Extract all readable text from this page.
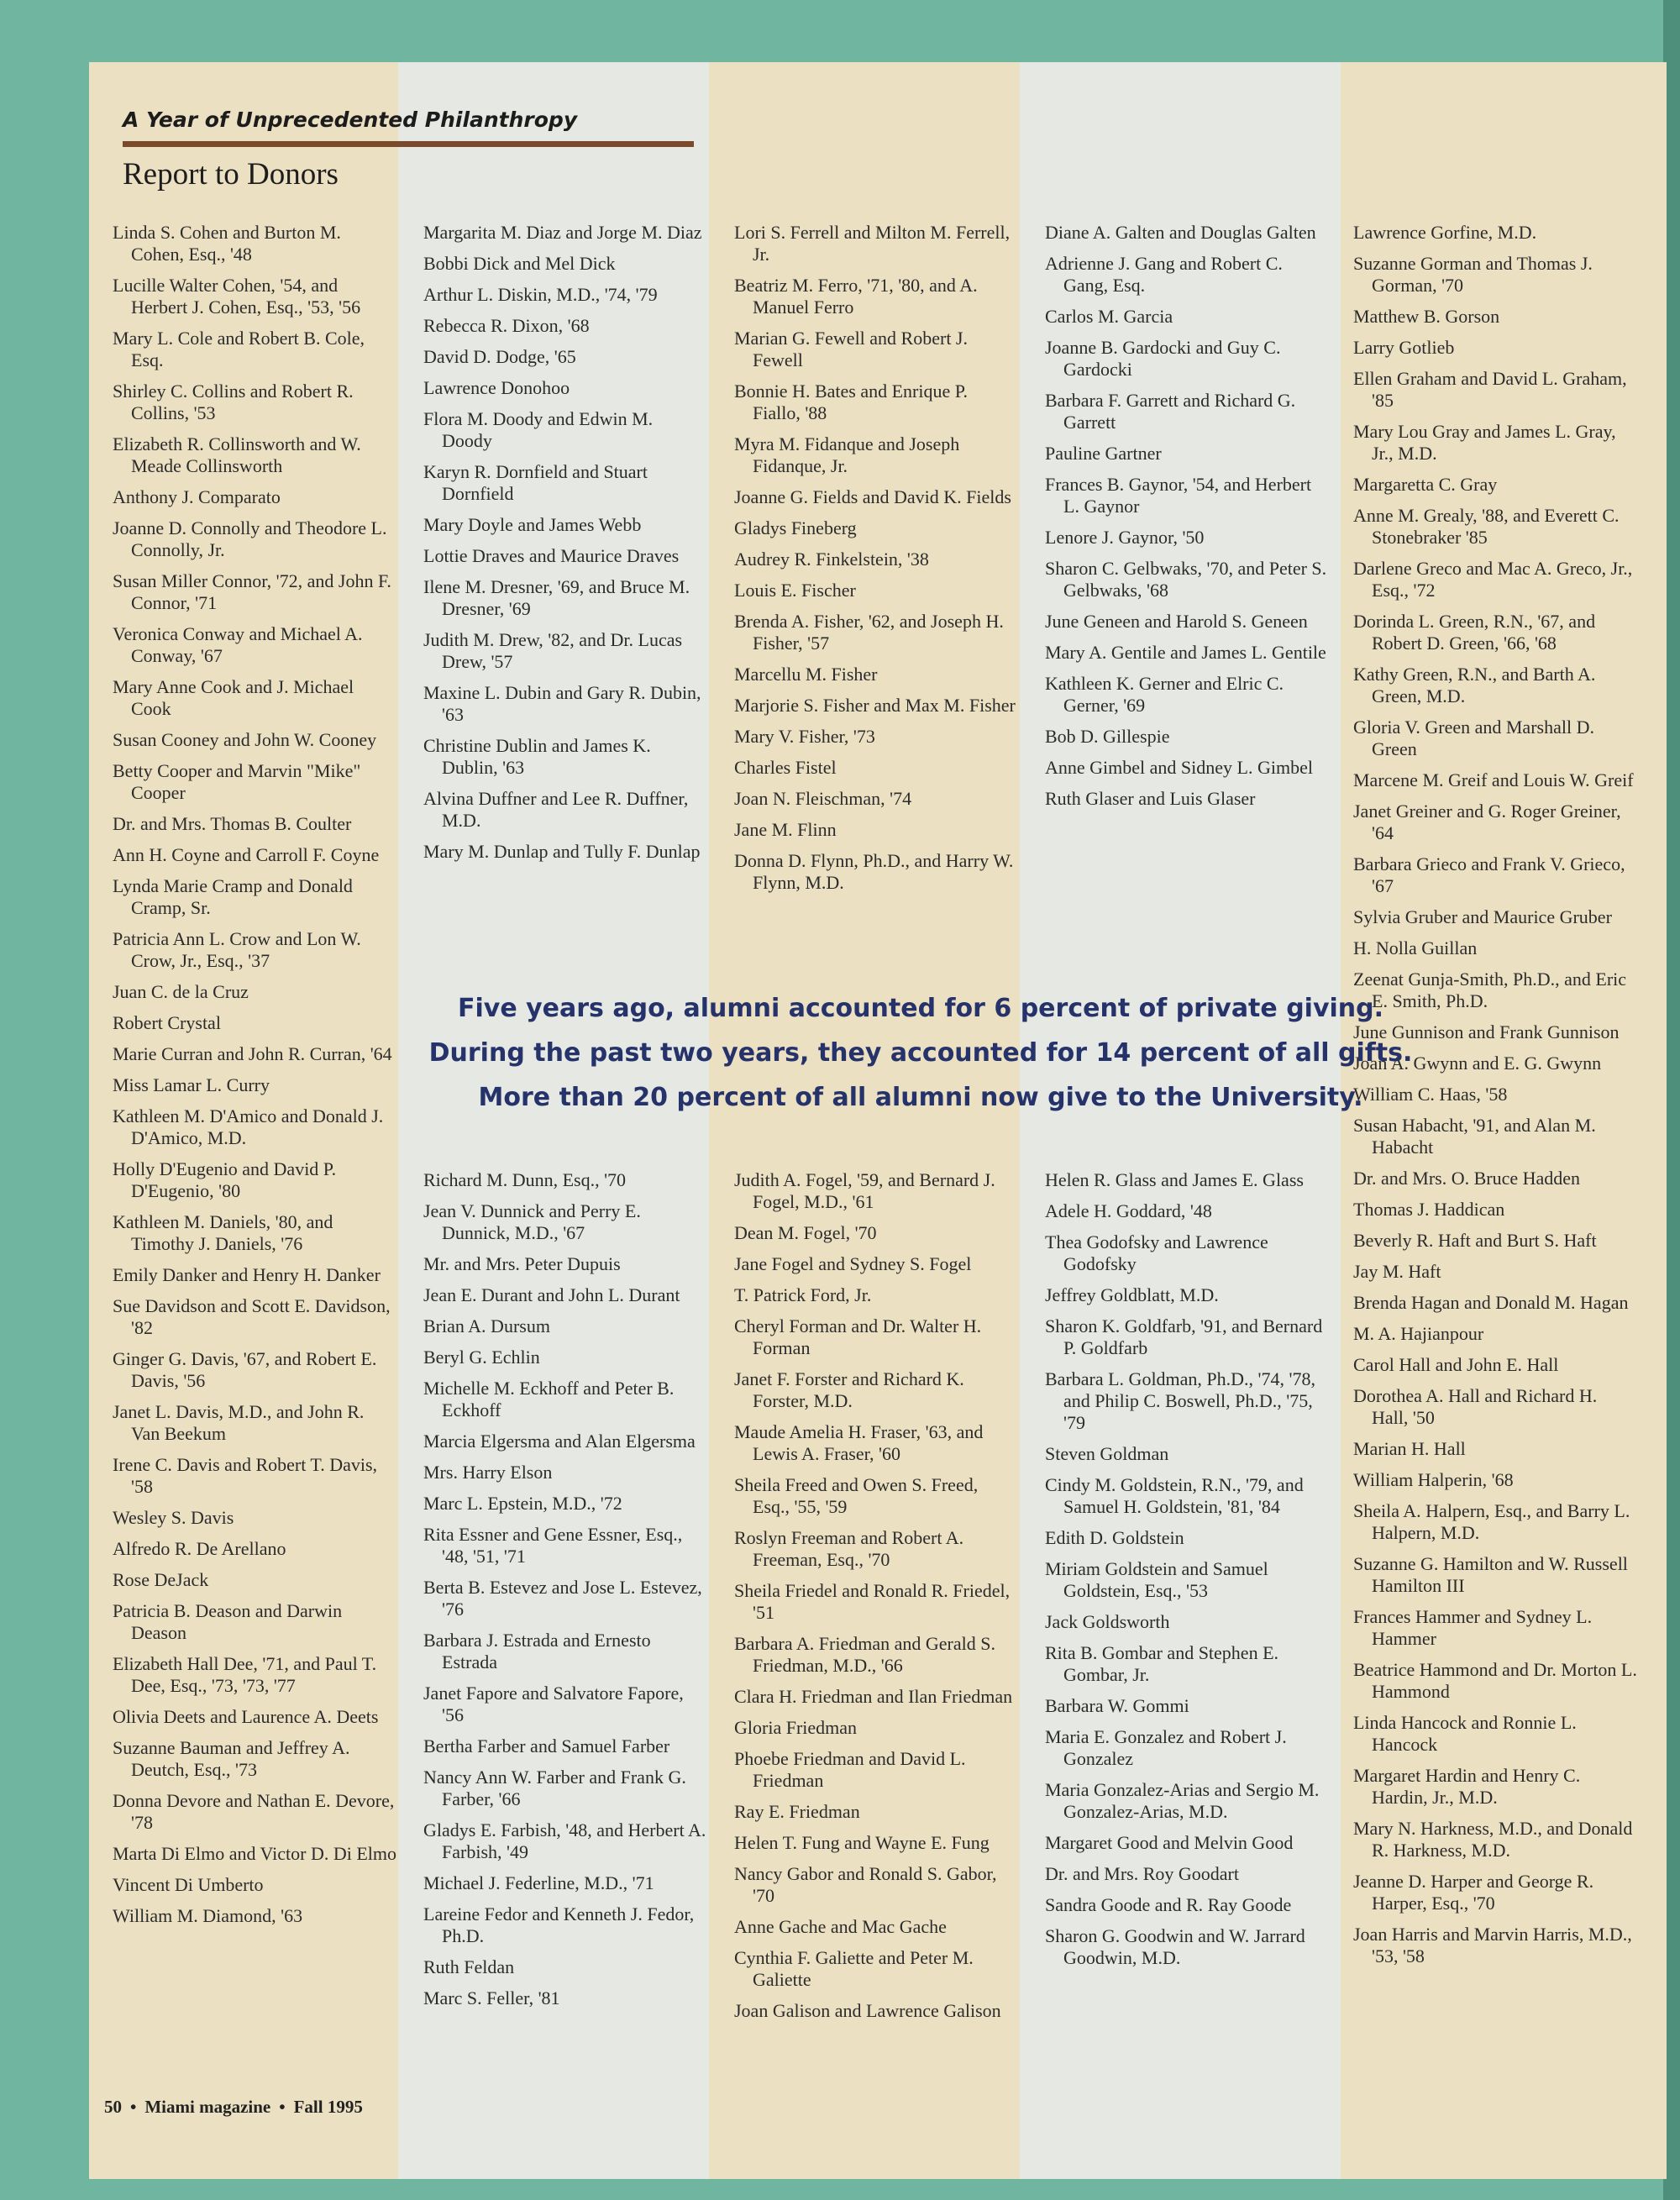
A Year of Unprecedented Philanthropy
Report to Donors
Linda S. Cohen and Burton M. Cohen, Esq., '48
Lucille Walter Cohen, '54, and Herbert J. Cohen, Esq., '53, '56
Mary L. Cole and Robert B. Cole, Esq.
Shirley C. Collins and Robert R. Collins, '53
Elizabeth R. Collinsworth and W. Meade Collinsworth
Anthony J. Comparato
Joanne D. Connolly and Theodore L. Connolly, Jr.
Susan Miller Connor, '72, and John F. Connor, '71
Veronica Conway and Michael A. Conway, '67
Mary Anne Cook and J. Michael Cook
Susan Cooney and John W. Cooney
Betty Cooper and Marvin "Mike" Cooper
Dr. and Mrs. Thomas B. Coulter
Ann H. Coyne and Carroll F. Coyne
Lynda Marie Cramp and Donald Cramp, Sr.
Patricia Ann L. Crow and Lon W. Crow, Jr., Esq., '37
Juan C. de la Cruz
Robert Crystal
Marie Curran and John R. Curran, '64
Miss Lamar L. Curry
Kathleen M. D'Amico and Donald J. D'Amico, M.D.
Holly D'Eugenio and David P. D'Eugenio, '80
Kathleen M. Daniels, '80, and Timothy J. Daniels, '76
Emily Danker and Henry H. Danker
Sue Davidson and Scott E. Davidson, '82
Ginger G. Davis, '67, and Robert E. Davis, '56
Janet L. Davis, M.D., and John R. Van Beekum
Irene C. Davis and Robert T. Davis, '58
Wesley S. Davis
Alfredo R. De Arellano
Rose DeJack
Patricia B. Deason and Darwin Deason
Elizabeth Hall Dee, '71, and Paul T. Dee, Esq., '73, '73, '77
Olivia Deets and Laurence A. Deets
Suzanne Bauman and Jeffrey A. Deutch, Esq., '73
Donna Devore and Nathan E. Devore, '78
Marta Di Elmo and Victor D. Di Elmo
Vincent Di Umberto
William M. Diamond, '63
Margarita M. Diaz and Jorge M. Diaz
Bobbi Dick and Mel Dick
Arthur L. Diskin, M.D., '74, '79
Rebecca R. Dixon, '68
David D. Dodge, '65
Lawrence Donohoo
Flora M. Doody and Edwin M. Doody
Karyn R. Dornfield and Stuart Dornfield
Mary Doyle and James Webb
Lottie Draves and Maurice Draves
Ilene M. Dresner, '69, and Bruce M. Dresner, '69
Judith M. Drew, '82, and Dr. Lucas Drew, '57
Maxine L. Dubin and Gary R. Dubin, '63
Christine Dublin and James K. Dublin, '63
Alvina Duffner and Lee R. Duffner, M.D.
Mary M. Dunlap and Tully F. Dunlap
Lori S. Ferrell and Milton M. Ferrell, Jr.
Beatriz M. Ferro, '71, '80, and A. Manuel Ferro
Marian G. Fewell and Robert J. Fewell
Bonnie H. Bates and Enrique P. Fiallo, '88
Myra M. Fidanque and Joseph Fidanque, Jr.
Joanne G. Fields and David K. Fields
Gladys Fineberg
Audrey R. Finkelstein, '38
Louis E. Fischer
Brenda A. Fisher, '62, and Joseph H. Fisher, '57
Marcellu M. Fisher
Marjorie S. Fisher and Max M. Fisher
Mary V. Fisher, '73
Charles Fistel
Joan N. Fleischman, '74
Jane M. Flinn
Donna D. Flynn, Ph.D., and Harry W. Flynn, M.D.
Diane A. Galten and Douglas Galten
Adrienne J. Gang and Robert C. Gang, Esq.
Carlos M. Garcia
Joanne B. Gardocki and Guy C. Gardocki
Barbara F. Garrett and Richard G. Garrett
Pauline Gartner
Frances B. Gaynor, '54, and Herbert L. Gaynor
Lenore J. Gaynor, '50
Sharon C. Gelbwaks, '70, and Peter S. Gelbwaks, '68
June Geneen and Harold S. Geneen
Mary A. Gentile and James L. Gentile
Kathleen K. Gerner and Elric C. Gerner, '69
Bob D. Gillespie
Anne Gimbel and Sidney L. Gimbel
Ruth Glaser and Luis Glaser
Lawrence Gorfine, M.D.
Suzanne Gorman and Thomas J. Gorman, '70
Matthew B. Gorson
Larry Gotlieb
Ellen Graham and David L. Graham, '85
Mary Lou Gray and James L. Gray, Jr., M.D.
Margaretta C. Gray
Anne M. Grealy, '88, and Everett C. Stonebraker '85
Darlene Greco and Mac A. Greco, Jr., Esq., '72
Dorinda L. Green, R.N., '67, and Robert D. Green, '66, '68
Kathy Green, R.N., and Barth A. Green, M.D.
Gloria V. Green and Marshall D. Green
Marcene M. Greif and Louis W. Greif
Janet Greiner and G. Roger Greiner, '64
Barbara Grieco and Frank V. Grieco, '67
Sylvia Gruber and Maurice Gruber
H. Nolla Guillan
Zeenat Gunja-Smith, Ph.D., and Eric E. Smith, Ph.D.
June Gunnison and Frank Gunnison
Joan A. Gwynn and E. G. Gwynn
William C. Haas, '58
Susan Habacht, '91, and Alan M. Habacht
Dr. and Mrs. O. Bruce Hadden
Thomas J. Haddican
Beverly R. Haft and Burt S. Haft
Jay M. Haft
Brenda Hagan and Donald M. Hagan
M. A. Hajianpour
Carol Hall and John E. Hall
Dorothea A. Hall and Richard H. Hall, '50
Marian H. Hall
William Halperin, '68
Sheila A. Halpern, Esq., and Barry L. Halpern, M.D.
Suzanne G. Hamilton and W. Russell Hamilton III
Frances Hammer and Sydney L. Hammer
Beatrice Hammond and Dr. Morton L. Hammond
Linda Hancock and Ronnie L. Hancock
Margaret Hardin and Henry C. Hardin, Jr., M.D.
Mary N. Harkness, M.D., and Donald R. Harkness, M.D.
Jeanne D. Harper and George R. Harper, Esq., '70
Joan Harris and Marvin Harris, M.D., '53, '58
Richard M. Dunn, Esq., '70
Jean V. Dunnick and Perry E. Dunnick, M.D., '67
Mr. and Mrs. Peter Dupuis
Jean E. Durant and John L. Durant
Brian A. Dursum
Beryl G. Echlin
Michelle M. Eckhoff and Peter B. Eckhoff
Marcia Elgersma and Alan Elgersma
Mrs. Harry Elson
Marc L. Epstein, M.D., '72
Rita Essner and Gene Essner, Esq., '48, '51, '71
Berta B. Estevez and Jose L. Estevez, '76
Barbara J. Estrada and Ernesto Estrada
Janet Fapore and Salvatore Fapore, '56
Bertha Farber and Samuel Farber
Nancy Ann W. Farber and Frank G. Farber, '66
Gladys E. Farbish, '48, and Herbert A. Farbish, '49
Michael J. Federline, M.D., '71
Lareine Fedor and Kenneth J. Fedor, Ph.D.
Ruth Feldan
Marc S. Feller, '81
Judith A. Fogel, '59, and Bernard J. Fogel, M.D., '61
Dean M. Fogel, '70
Jane Fogel and Sydney S. Fogel
T. Patrick Ford, Jr.
Cheryl Forman and Dr. Walter H. Forman
Janet F. Forster and Richard K. Forster, M.D.
Maude Amelia H. Fraser, '63, and Lewis A. Fraser, '60
Sheila Freed and Owen S. Freed, Esq., '55, '59
Roslyn Freeman and Robert A. Freeman, Esq., '70
Sheila Friedel and Ronald R. Friedel, '51
Barbara A. Friedman and Gerald S. Friedman, M.D., '66
Clara H. Friedman and Ilan Friedman
Gloria Friedman
Phoebe Friedman and David L. Friedman
Ray E. Friedman
Helen T. Fung and Wayne E. Fung
Nancy Gabor and Ronald S. Gabor, '70
Anne Gache and Mac Gache
Cynthia F. Galiette and Peter M. Galiette
Joan Galison and Lawrence Galison
Helen R. Glass and James E. Glass
Adele H. Goddard, '48
Thea Godofsky and Lawrence Godofsky
Jeffrey Goldblatt, M.D.
Sharon K. Goldfarb, '91, and Bernard P. Goldfarb
Barbara L. Goldman, Ph.D., '74, '78, and Philip C. Boswell, Ph.D., '75, '79
Steven Goldman
Cindy M. Goldstein, R.N., '79, and Samuel H. Goldstein, '81, '84
Edith D. Goldstein
Miriam Goldstein and Samuel Goldstein, Esq., '53
Jack Goldsworth
Rita B. Gombar and Stephen E. Gombar, Jr.
Barbara W. Gommi
Maria E. Gonzalez and Robert J. Gonzalez
Maria Gonzalez-Arias and Sergio M. Gonzalez-Arias, M.D.
Margaret Good and Melvin Good
Dr. and Mrs. Roy Goodart
Sandra Goode and R. Ray Goode
Sharon G. Goodwin and W. Jarrard Goodwin, M.D.
Five years ago, alumni accounted for 6 percent of private giving.
During the past two years, they accounted for 14 percent of all gifts.
More than 20 percent of all alumni now give to the University.
50 • Miami magazine • Fall 1995
